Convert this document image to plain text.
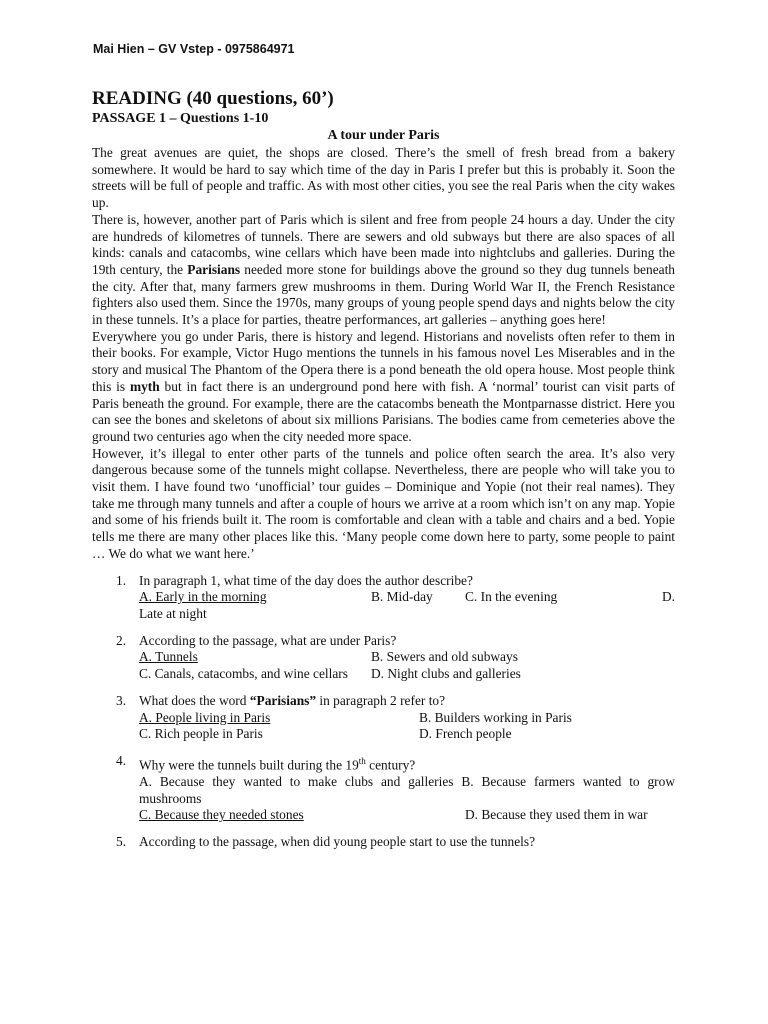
Mai Hien – GV Vstep - 0975864971
READING (40 questions, 60’)
PASSAGE 1 – Questions 1-10
A tour under Paris

The great avenues are quiet, the shops are closed. There’s the smell of fresh bread from a bakery somewhere. It would be hard to say which time of the day in Paris I prefer but this is probably it. Soon the streets will be full of people and traffic. As with most other cities, you see the real Paris when the city wakes up.

There is, however, another part of Paris which is silent and free from people 24 hours a day. Under the city are hundreds of kilometres of tunnels. There are sewers and old subways but there are also spaces of all kinds: canals and catacombs, wine cellars which have been made into nightclubs and galleries. During the 19th century, the Parisians needed more stone for buildings above the ground so they dug tunnels beneath the city. After that, many farmers grew mushrooms in them. During World War II, the French Resistance fighters also used them. Since the 1970s, many groups of young people spend days and nights below the city in these tunnels. It’s a place for parties, theatre performances, art galleries – anything goes here!

Everywhere you go under Paris, there is history and legend. Historians and novelists often refer to them in their books. For example, Victor Hugo mentions the tunnels in his famous novel Les Miserables and in the story and musical The Phantom of the Opera there is a pond beneath the old opera house. Most people think this is myth but in fact there is an underground pond here with fish. A ‘normal’ tourist can visit parts of Paris beneath the ground. For example, there are the catacombs beneath the Montparnasse district. Here you can see the bones and skeletons of about six millions Parisians. The bodies came from cemeteries above the ground two centuries ago when the city needed more space.

However, it’s illegal to enter other parts of the tunnels and police often search the area. It’s also very dangerous because some of the tunnels might collapse. Nevertheless, there are people who will take you to visit them. I have found two ‘unofficial’ tour guides – Dominique and Yopie (not their real names). They take me through many tunnels and after a couple of hours we arrive at a room which isn’t on any map. Yopie and some of his friends built it. The room is comfortable and clean with a table and chairs and a bed. Yopie tells me there are many other places like this. ‘Many people come down here to party, some people to paint … We do what we want here.’

1. In paragraph 1, what time of the day does the author describe?
A. Early in the morning	B. Mid-day	C. In the evening	D.
Late at night
2. According to the passage, what are under Paris?
A. Tunnels	B. Sewers and old subways
C. Canals, catacombs, and wine cellars	D. Night clubs and galleries
3. What does the word “Parisians” in paragraph 2 refer to?
A. People living in Paris	B. Builders working in Paris
C. Rich people in Paris	D. French people
4. Why were the tunnels built during the 19th century?
A. Because they wanted to make clubs and galleries B. Because farmers wanted to grow mushrooms
C. Because they needed stones	D. Because they used them in war
5. According to the passage, when did young people start to use the tunnels?
